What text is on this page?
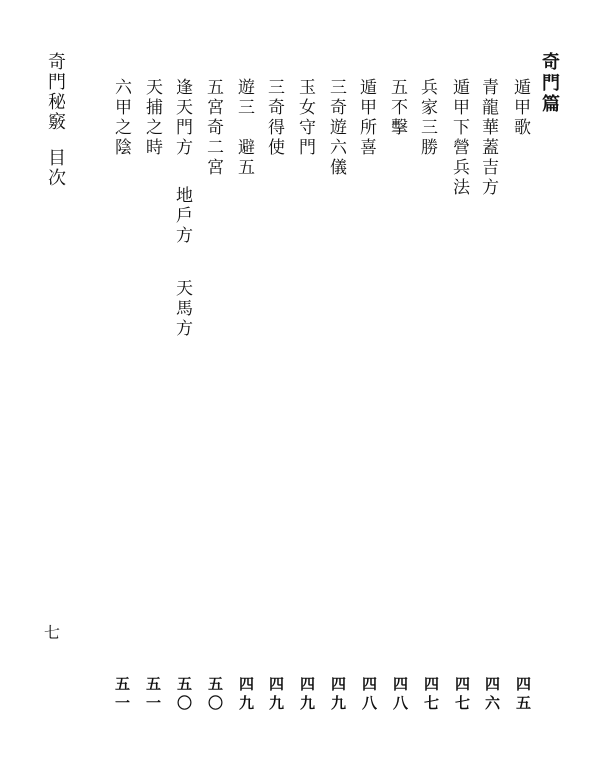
奇門篇
遁甲歌
青龍華蓋吉方
遁甲下營兵法
兵家三勝
五不擊
遁甲所喜
三奇遊六儀
玉女守門
三奇得使
遊三　避五
五宮奇二宮
逢天門方
天捕之時
六甲之陰
地戶方
天馬方
奇門秘竅
目次
七
四五
四六
四七
四七
四八
四八
四九
四九
四九
四九
五〇
五〇
五一
五一
